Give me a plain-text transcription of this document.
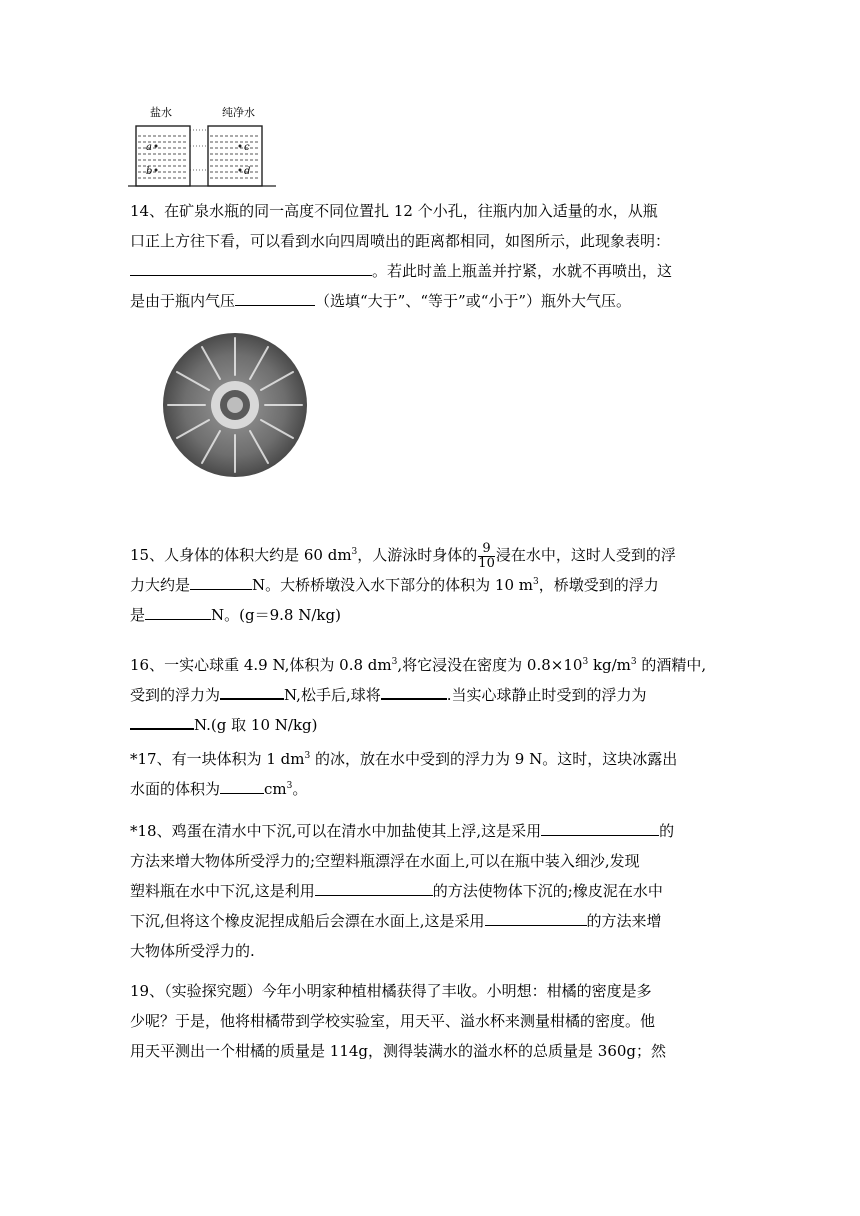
盐水	纯净水
a
b
c
d
14、在矿泉水瓶的同一高度不同位置扎 12 个小孔，往瓶内加入适量的水，从瓶
口正上方往下看，可以看到水向四周喷出的距离都相同，如图所示，此现象表明：
。若此时盖上瓶盖并拧紧，水就不再喷出，这
是由于瓶内气压	（选填“大于”、“等于”或“小于”）瓶外大气压。
15、人身体的体积大约是 60 $dm^3$，人游泳时身体的 $\frac{9}{10}$ 浸在水中，这时人受到的浮
力大约是	N。大桥桥墩没入水下部分的体积为 10 $m^3$，桥墩受到的浮力
是	N。(g＝9.8 N/kg)
16、一实心球重 4.9 N,体积为 0.8 $dm^3$,将它浸没在密度为 $0.8\times 10^3$ $kg/m^3$ 的酒精中,
受到的浮力为	N,松手后,球将	.当实心球静止时受到的浮力为
N.(g 取 10 N/kg)
*17、有一块体积为 1 $dm^3$ 的冰，放在水中受到的浮力为 9 N。这时，这块冰露出
水面的体积为	$cm^3$。
*18、鸡蛋在清水中下沉,可以在清水中加盐使其上浮,这是采用	的
方法来增大物体所受浮力的;空塑料瓶漂浮在水面上,可以在瓶中装入细沙,发现
塑料瓶在水中下沉,这是利用	的方法使物体下沉的;橡皮泥在水中
下沉,但将这个橡皮泥捏成船后会漂在水面上,这是采用	的方法来增
大物体所受浮力的.
19、（实验探究题）今年小明家种植柑橘获得了丰收。小明想：柑橘的密度是多
少呢？于是，他将柑橘带到学校实验室，用天平、溢水杯来测量柑橘的密度。他
用天平测出一个柑橘的质量是 114g，测得装满水的溢水杯的总质量是 360g；然
